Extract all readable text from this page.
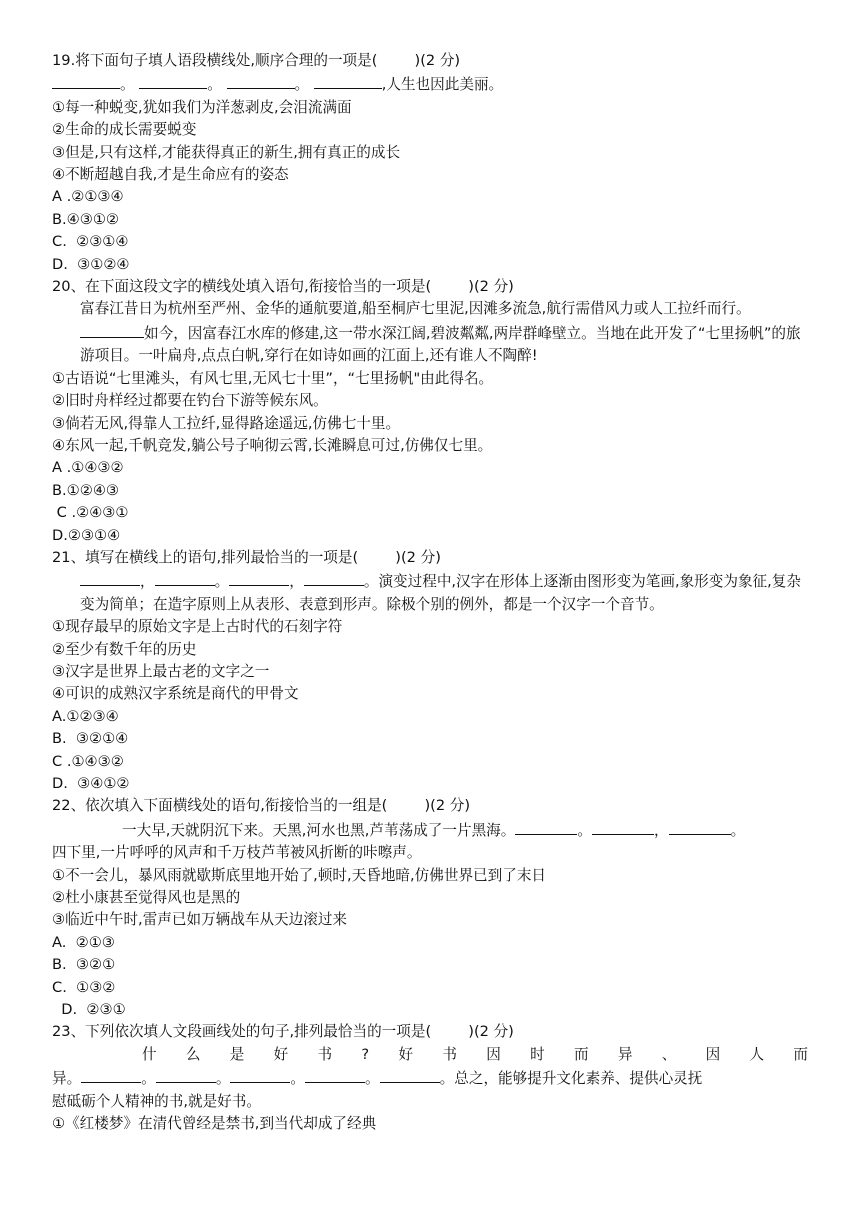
19.将下面句子填人语段横线处,顺序合理的一项是(        )(2 分)
。	。	。	,人生也因此美丽。
①每一种蜕变,犹如我们为洋葱剥皮,会泪流满面
②生命的成长需要蜕变
③但是,只有这样,才能获得真正的新生,拥有真正的成长
④不断超越自我,才是生命应有的姿态
A .②①③④
B.④③①②
C.  ②③①④
D.  ③①②④
20、在下面这段文字的横线处填入语句,衔接恰当的一项是(        )(2 分)
富春江昔日为杭州至严州、金华的通航要道,船至桐庐七里泥,因滩多流急,航行需借风力或人工拉纤而行。如今，因富春江水库的修建,这一带水深江阔,碧波粼粼,两岸群峰壁立。当地在此开发了“七里扬帆”的旅游项目。一叶扁舟,点点白帆,穿行在如诗如画的江面上,还有谁人不陶醉!
①古语说“七里滩头，有风七里,无风七十里”，“七里扬帆"由此得名。
②旧时舟样经过都要在钓台下游等候东风。
③倘若无风,得靠人工拉纤,显得路途遥远,仿佛七十里。
④东风一起,千帆竞发,躺公号子响彻云霄,长滩瞬息可过,仿佛仅七里。
A .①④③②
B.①②④③
C .②④③①
D.②③①④
21、填写在横线上的语句,排列最恰当的一项是(        )(2 分)
，	。	，	。演变过程中,汉字在形体上逐渐由图形变为笔画,象形变为象征,复杂变为简单；在造字原则上从表形、表意到形声。除极个别的例外，都是一个汉字一个音节。
①现存最早的原始文字是上古时代的石刻字符
②至少有数千年的历史
③汉字是世界上最古老的文字之一
④可识的成熟汉字系统是商代的甲骨文
A.①②③④
B.  ③②①④
C .①④③②
D.  ③④①②
22、依次填入下面横线处的语句,衔接恰当的一组是(        )(2 分)
一大早,天就阴沉下来。天黑,河水也黑,芦苇荡成了一片黑海。	。	，	。
四下里,一片呼呼的风声和千万枝芦苇被风折断的咔嚓声。
①不一会儿，暴风雨就歇斯底里地开始了,顿时,天昏地暗,仿佛世界已到了末日
②杜小康甚至觉得风也是黑的
③临近中午时,雷声已如万辆战车从天边滚过来
A.  ②①③
B.  ③②①
C.  ①③②
D.  ②③①
23、下列依次填人文段画线处的句子,排列最恰当的一项是(        )(2 分)
什么是好书?好书因时而异、因人而
异。	。	。	。	。	。总之，能够提升文化素养、提供心灵抚
慰砥砺个人精神的书,就是好书。
①《红楼梦》在清代曾经是禁书,到当代却成了经典
